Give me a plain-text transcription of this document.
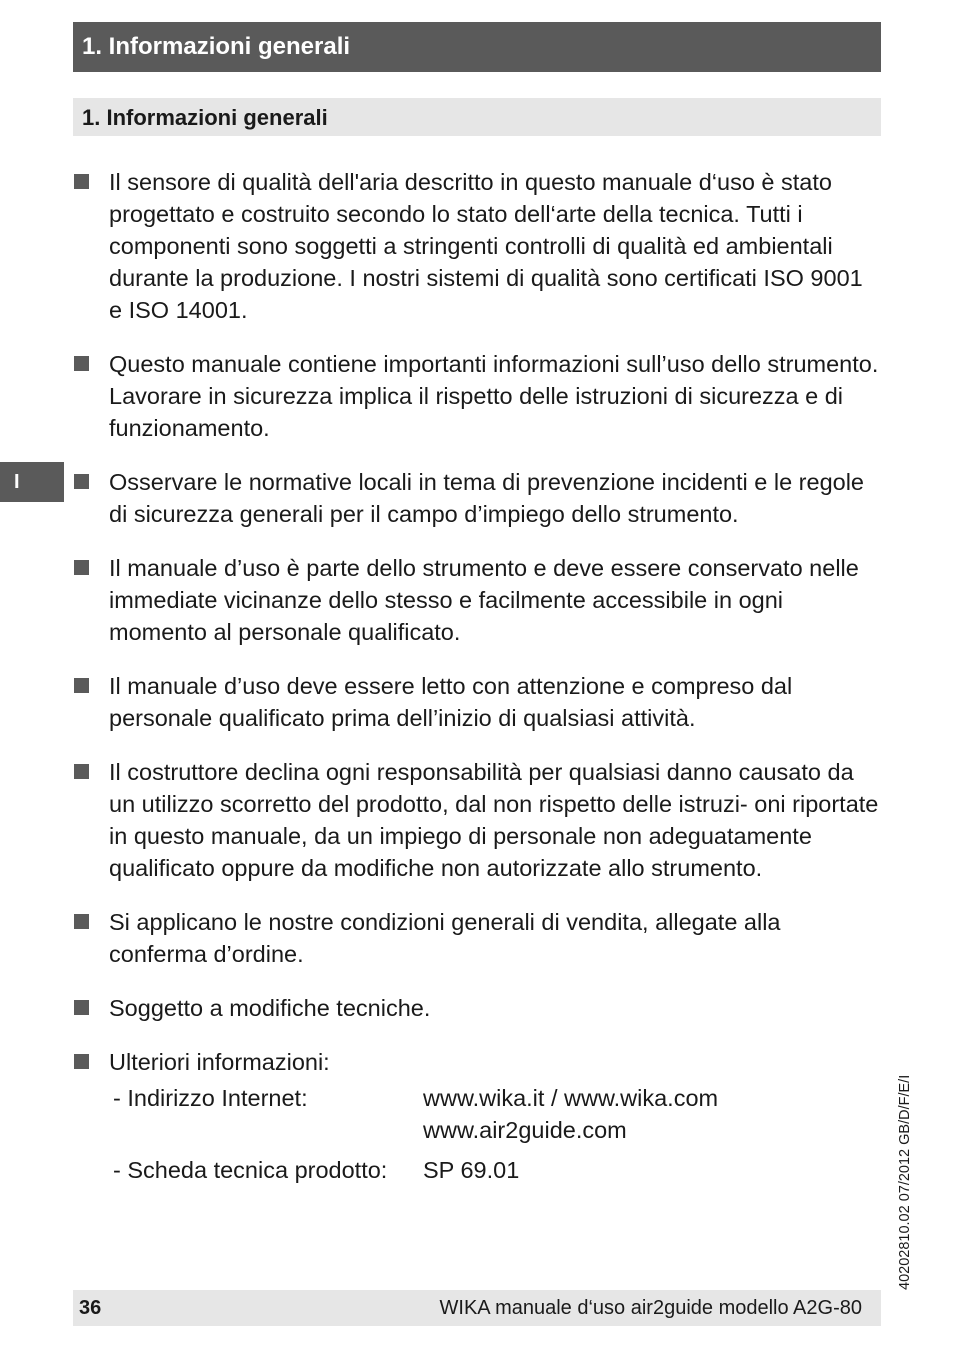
1. Informazioni generali
1. Informazioni generali
I
Il sensore di qualità dell'aria descritto in questo manuale d‘uso è stato progettato e costruito secondo lo stato dell‘arte della tecnica. Tutti i componenti sono soggetti a stringenti controlli di qualità ed ambientali durante la produzione. I nostri sistemi di qualità sono certificati ISO 9001 e ISO 14001.
Questo manuale contiene importanti informazioni sull’uso dello strumento. Lavorare in sicurezza implica il rispetto delle istruzioni di sicurezza e di funzionamento.
Osservare le normative locali in tema di prevenzione incidenti e le regole di sicurezza generali per il campo d’impiego dello strumento.
Il manuale d’uso è parte dello strumento e deve essere conservato nelle immediate vicinanze dello stesso e facilmente accessibile in ogni momento al personale qualificato.
Il manuale d’uso deve essere letto con attenzione e compreso dal personale qualificato prima dell’inizio di qualsiasi attività.
Il costruttore declina ogni responsabilità per qualsiasi danno causato da un utilizzo scorretto del prodotto, dal non rispetto delle istruzi- oni riportate in questo manuale, da un impiego di personale non adeguatamente qualificato oppure da modifiche non autorizzate allo strumento.
Si applicano le nostre condizioni generali di vendita, allegate alla conferma d’ordine.
Soggetto a modifiche tecniche.
Ulteriori informazioni:
- Indirizzo Internet:	www.wika.it / www.wika.com
	www.air2guide.com
- Scheda tecnica prodotto:	SP 69.01	40202810.02 07/2012 GB/D/F/E/I
36	WIKA manuale d‘uso air2guide modello A2G-80
